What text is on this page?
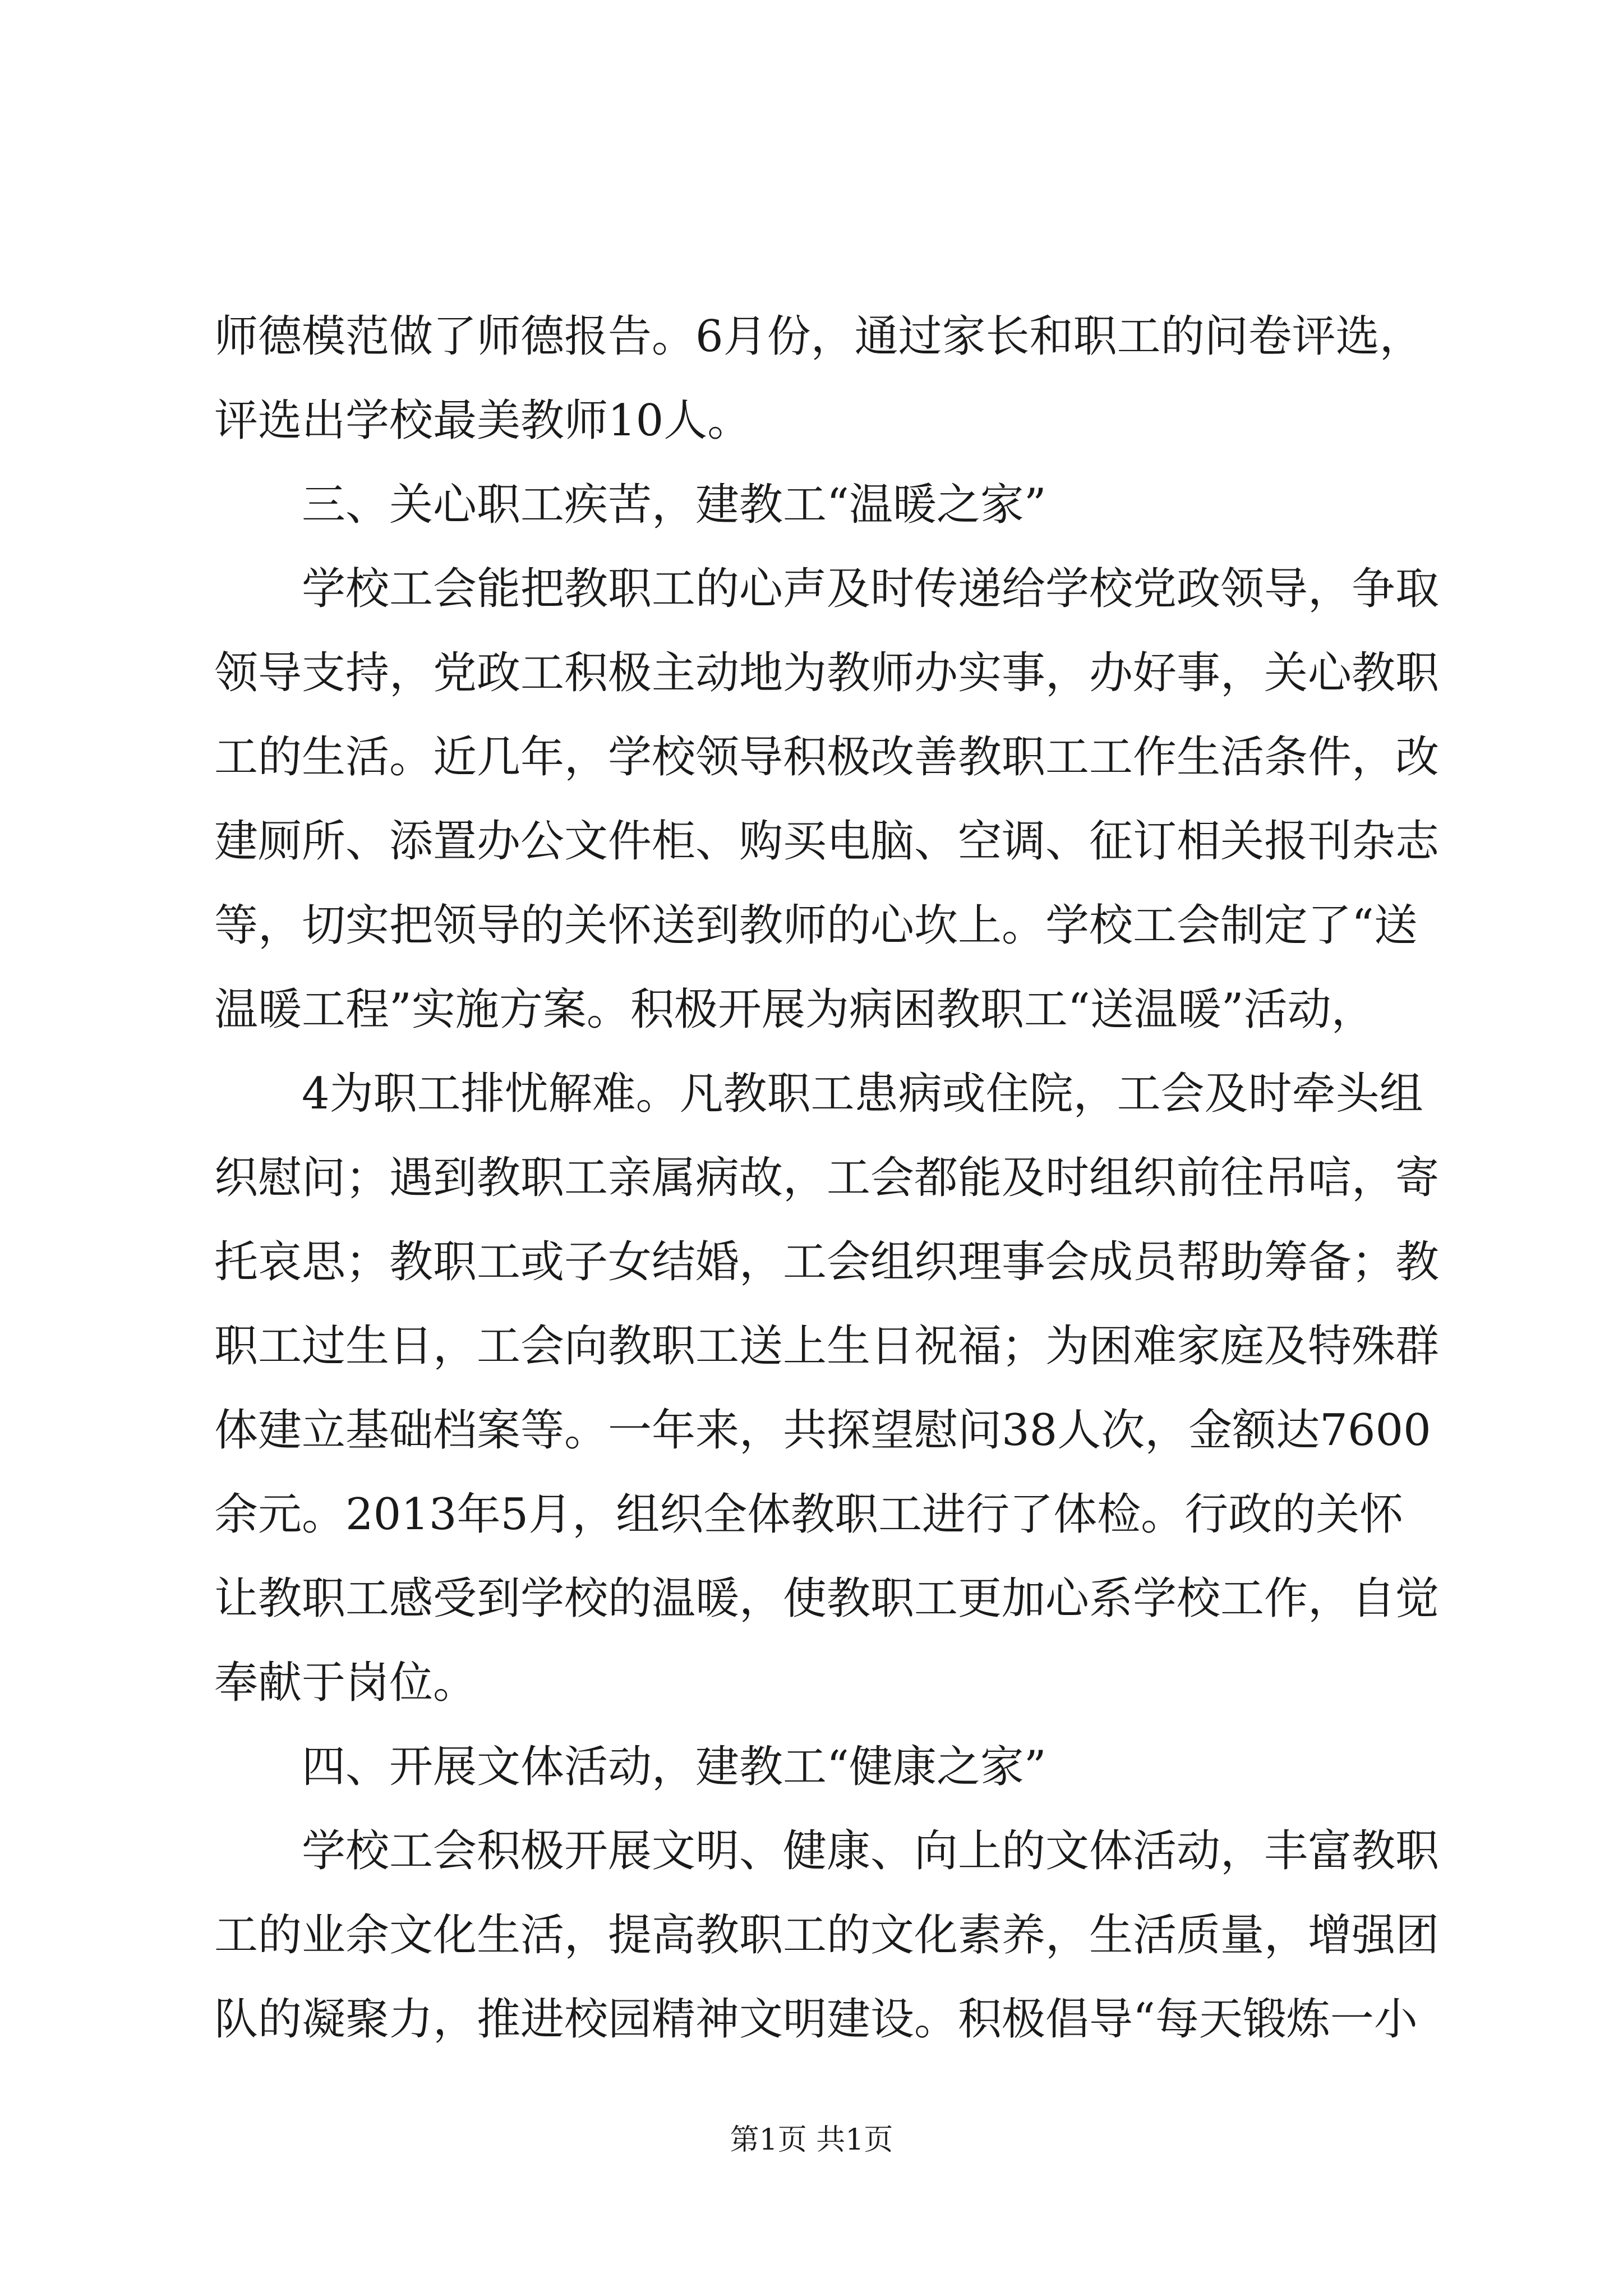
师德模范做了师德报告。6月份，通过家长和职工的问卷评选，
评选出学校最美教师10人。
三、关心职工疾苦，建教工“温暖之家”
学校工会能把教职工的心声及时传递给学校党政领导，争取
领导支持，党政工积极主动地为教师办实事，办好事，关心教职
工的生活。近几年，学校领导积极改善教职工工作生活条件，改
建厕所、添置办公文件柜、购买电脑、空调、征订相关报刊杂志
等，切实把领导的关怀送到教师的心坎上。学校工会制定了“送
温暖工程”实施方案。积极开展为病困教职工“送温暖”活动，
4为职工排忧解难。凡教职工患病或住院，工会及时牵头组
织慰问；遇到教职工亲属病故，工会都能及时组织前往吊唁，寄
托哀思；教职工或子女结婚，工会组织理事会成员帮助筹备；教
职工过生日，工会向教职工送上生日祝福；为困难家庭及特殊群
体建立基础档案等。一年来，共探望慰问38人次，金额达7600
余元。2013年5月，组织全体教职工进行了体检。行政的关怀
让教职工感受到学校的温暖，使教职工更加心系学校工作，自觉
奉献于岗位。
四、开展文体活动，建教工“健康之家”
学校工会积极开展文明、健康、向上的文体活动，丰富教职
工的业余文化生活，提高教职工的文化素养，生活质量，增强团
队的凝聚力，推进校园精神文明建设。积极倡导“每天锻炼一小
第1页 共1页
